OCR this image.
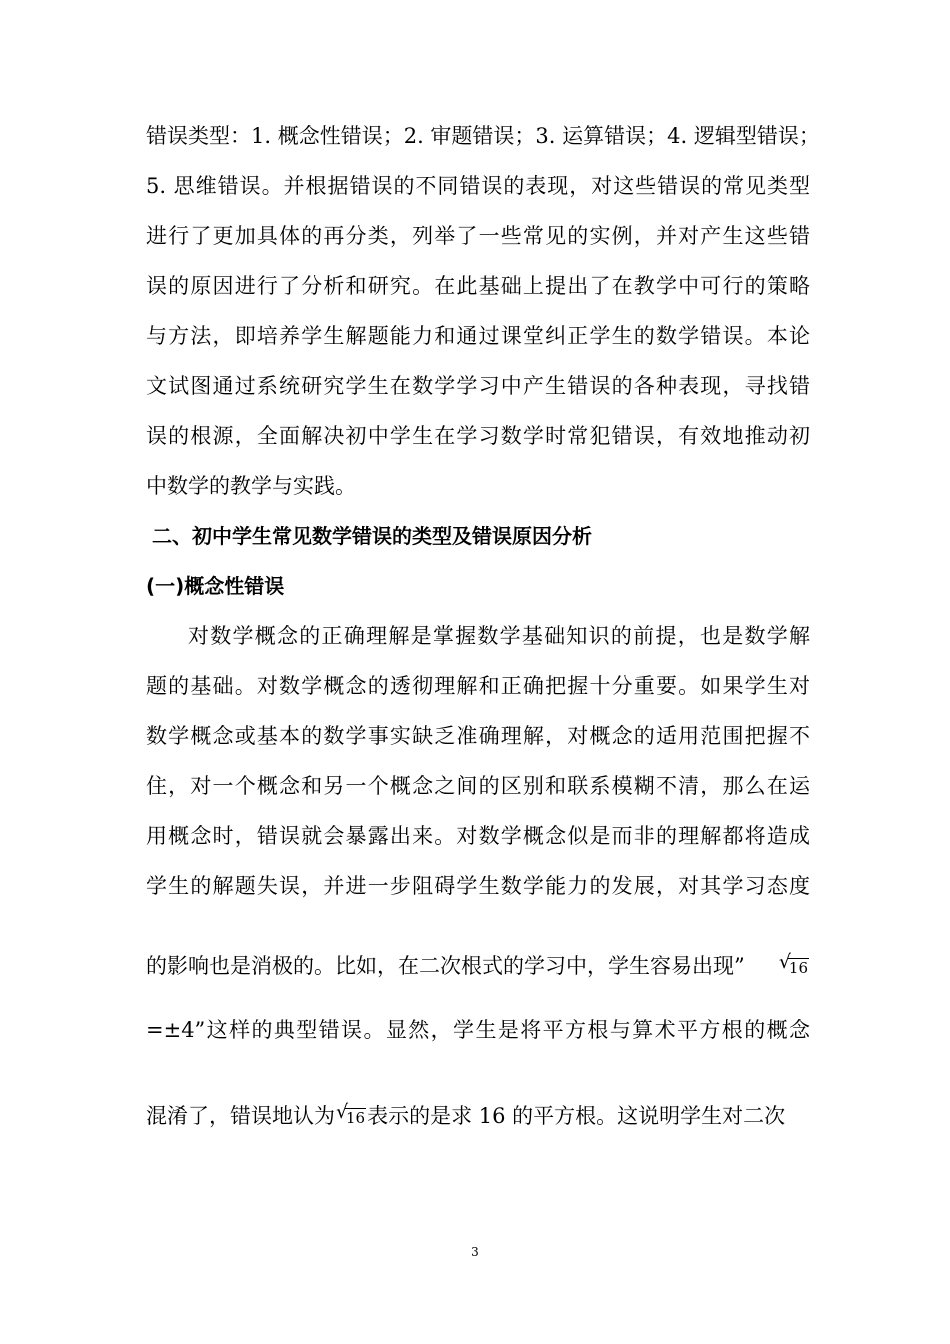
错误类型：1. 概念性错误；2. 审题错误；3. 运算错误；4. 逻辑型错误；
5. 思维错误。并根据错误的不同错误的表现，对这些错误的常见类型
进行了更加具体的再分类，列举了一些常见的实例，并对产生这些错
误的原因进行了分析和研究。在此基础上提出了在教学中可行的策略
与方法，即培养学生解题能力和通过课堂纠正学生的数学错误。本论
文试图通过系统研究学生在数学学习中产生错误的各种表现，寻找错
误的根源，全面解决初中学生在学习数学时常犯错误，有效地推动初
中数学的教学与实践。
二、初中学生常见数学错误的类型及错误原因分析
(一)概念性错误
对数学概念的正确理解是掌握数学基础知识的前提，也是数学解
题的基础。对数学概念的透彻理解和正确把握十分重要。如果学生对
数学概念或基本的数学事实缺乏准确理解，对概念的适用范围把握不
住，对一个概念和另一个概念之间的区别和联系模糊不清，那么在运
用概念时，错误就会暴露出来。对数学概念似是而非的理解都将造成
学生的解题失误，并进一步阻碍学生数学能力的发展，对其学习态度
的影响也是消极的。比如，在二次根式的学习中，学生容易出现” √
16
=±4”这样的典型错误。显然，学生是将平方根与算术平方根的概念
混淆了，错误地认为 √
16 表示的是求 16 的平方根。这说明学生对二次
3
